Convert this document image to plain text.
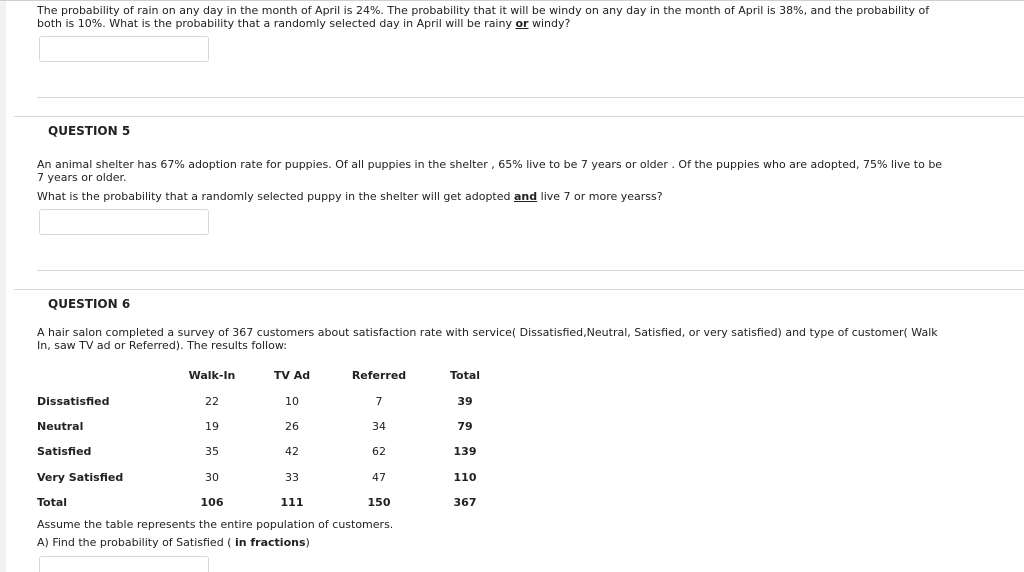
The probability of rain on any day in the month of April is 24%. The probability that it will be windy on any day in the month of April is 38%, and the probability of
both is 10%. What is the probability that a randomly selected day in April will be rainy or windy?
QUESTION 5
An animal shelter has 67% adoption rate for puppies. Of all puppies in the shelter , 65% live to be 7 years or older . Of the puppies who are adopted, 75% live to be
7 years or older.
What is the probability that a randomly selected puppy in the shelter will get adopted and live 7 or more yearss?
QUESTION 6
A hair salon completed a survey of 367 customers about satisfaction rate with service( Dissatisfied,Neutral, Satisfied, or very satisfied) and type of customer( Walk
In, saw TV ad or Referred). The results follow:
	Walk-In	TV Ad	Referred	Total
Dissatisfied	22	10	7	39
Neutral	19	26	34	79
Satisfied	35	42	62	139
Very Satisfied	30	33	47	110
Total	106	111	150	367
Assume the table represents the entire population of customers.
A) Find the probability of Satisfied ( in fractions)
